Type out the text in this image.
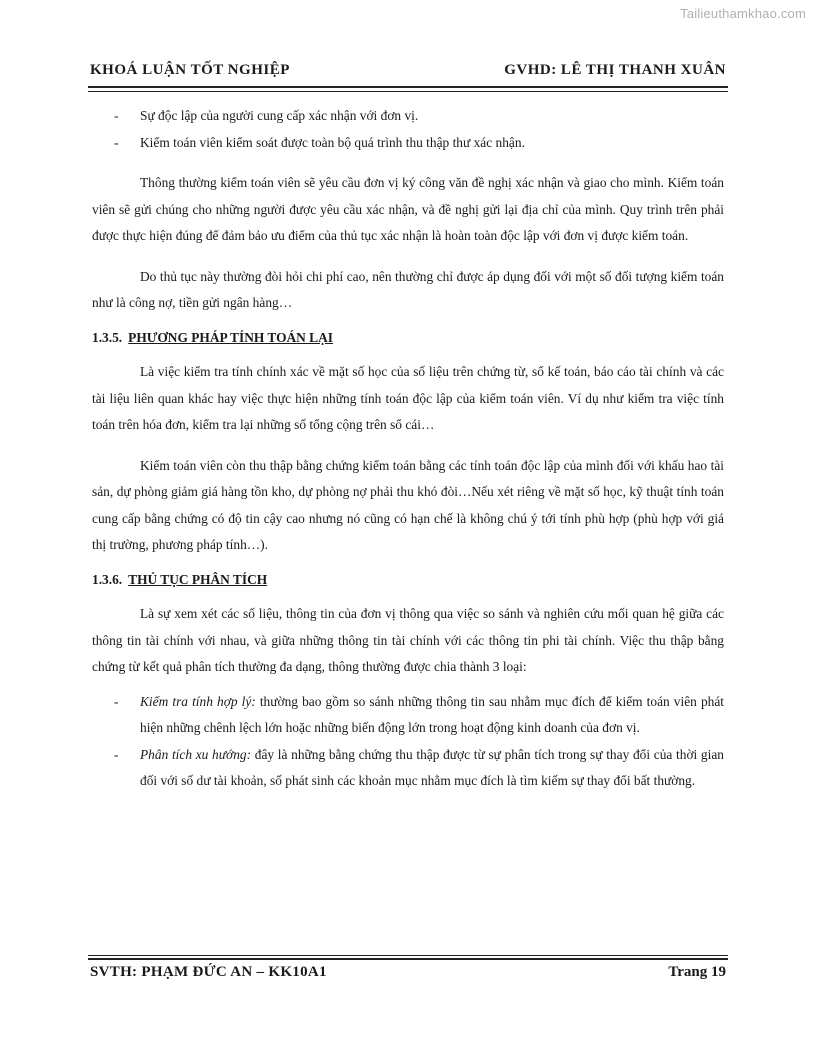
Tailieuthamkhao.com
KHOÁ LUẬN TỐT NGHIỆP	GVHD: LÊ THỊ THANH XUÂN

- Sự độc lập của người cung cấp xác nhận với đơn vị.

- Kiểm toán viên kiểm soát được toàn bộ quá trình thu thập thư xác nhận.

Thông thường kiểm toán viên sẽ yêu cầu đơn vị ký công văn đề nghị xác nhận và giao cho mình. Kiểm toán viên sẽ gửi chúng cho những người được yêu cầu xác nhận, và đề nghị gửi lại địa chỉ của mình. Quy trình trên phải được thực hiện đúng để đảm bảo ưu điểm của thủ tục xác nhận là hoàn toàn độc lập với đơn vị được kiểm toán.

Do thủ tục này thường đòi hỏi chi phí cao, nên thường chỉ được áp dụng đối với một số đối tượng kiểm toán như là công nợ, tiền gửi ngân hàng…

1.3.5. PHƯƠNG PHÁP TÍNH TOÁN LẠI

Là việc kiểm tra tính chính xác về mặt số học của số liệu trên chứng từ, sổ kế toán, báo cáo tài chính và các tài liệu liên quan khác hay việc thực hiện những tính toán độc lập của kiểm toán viên. Ví dụ như kiểm tra việc tính toán trên hóa đơn, kiểm tra lại những số tổng cộng trên sổ cái…

Kiểm toán viên còn thu thập bằng chứng kiểm toán bằng các tính toán độc lập của mình đối với khấu hao tài sản, dự phòng giảm giá hàng tồn kho, dự phòng nợ phải thu khó đòi…Nếu xét riêng về mặt số học, kỹ thuật tính toán cung cấp bằng chứng có độ tin cậy cao nhưng nó cũng có hạn chế là không chú ý tới tính phù hợp (phù hợp với giá thị trường, phương pháp tính…).

1.3.6. THỦ TỤC PHÂN TÍCH

Là sự xem xét các số liệu, thông tin của đơn vị thông qua việc so sánh và nghiên cứu mối quan hệ giữa các thông tin tài chính với nhau, và giữa những thông tin tài chính với các thông tin phi tài chính. Việc thu thập bằng chứng từ kết quả phân tích thường đa dạng, thông thường được chia thành 3 loại:

- Kiểm tra tính hợp lý: thường bao gồm so sánh những thông tin sau nhằm mục đích để kiểm toán viên phát hiện những chênh lệch lớn hoặc những biến động lớn trong hoạt động kinh doanh của đơn vị.

- Phân tích xu hướng: đây là những bằng chứng thu thập được từ sự phân tích trong sự thay đổi của thời gian đối với số dư tài khoản, số phát sinh các khoản mục nhằm mục đích là tìm kiếm sự thay đổi bất thường.

SVTH: PHẠM ĐỨC AN – KK10A1	Trang 19
